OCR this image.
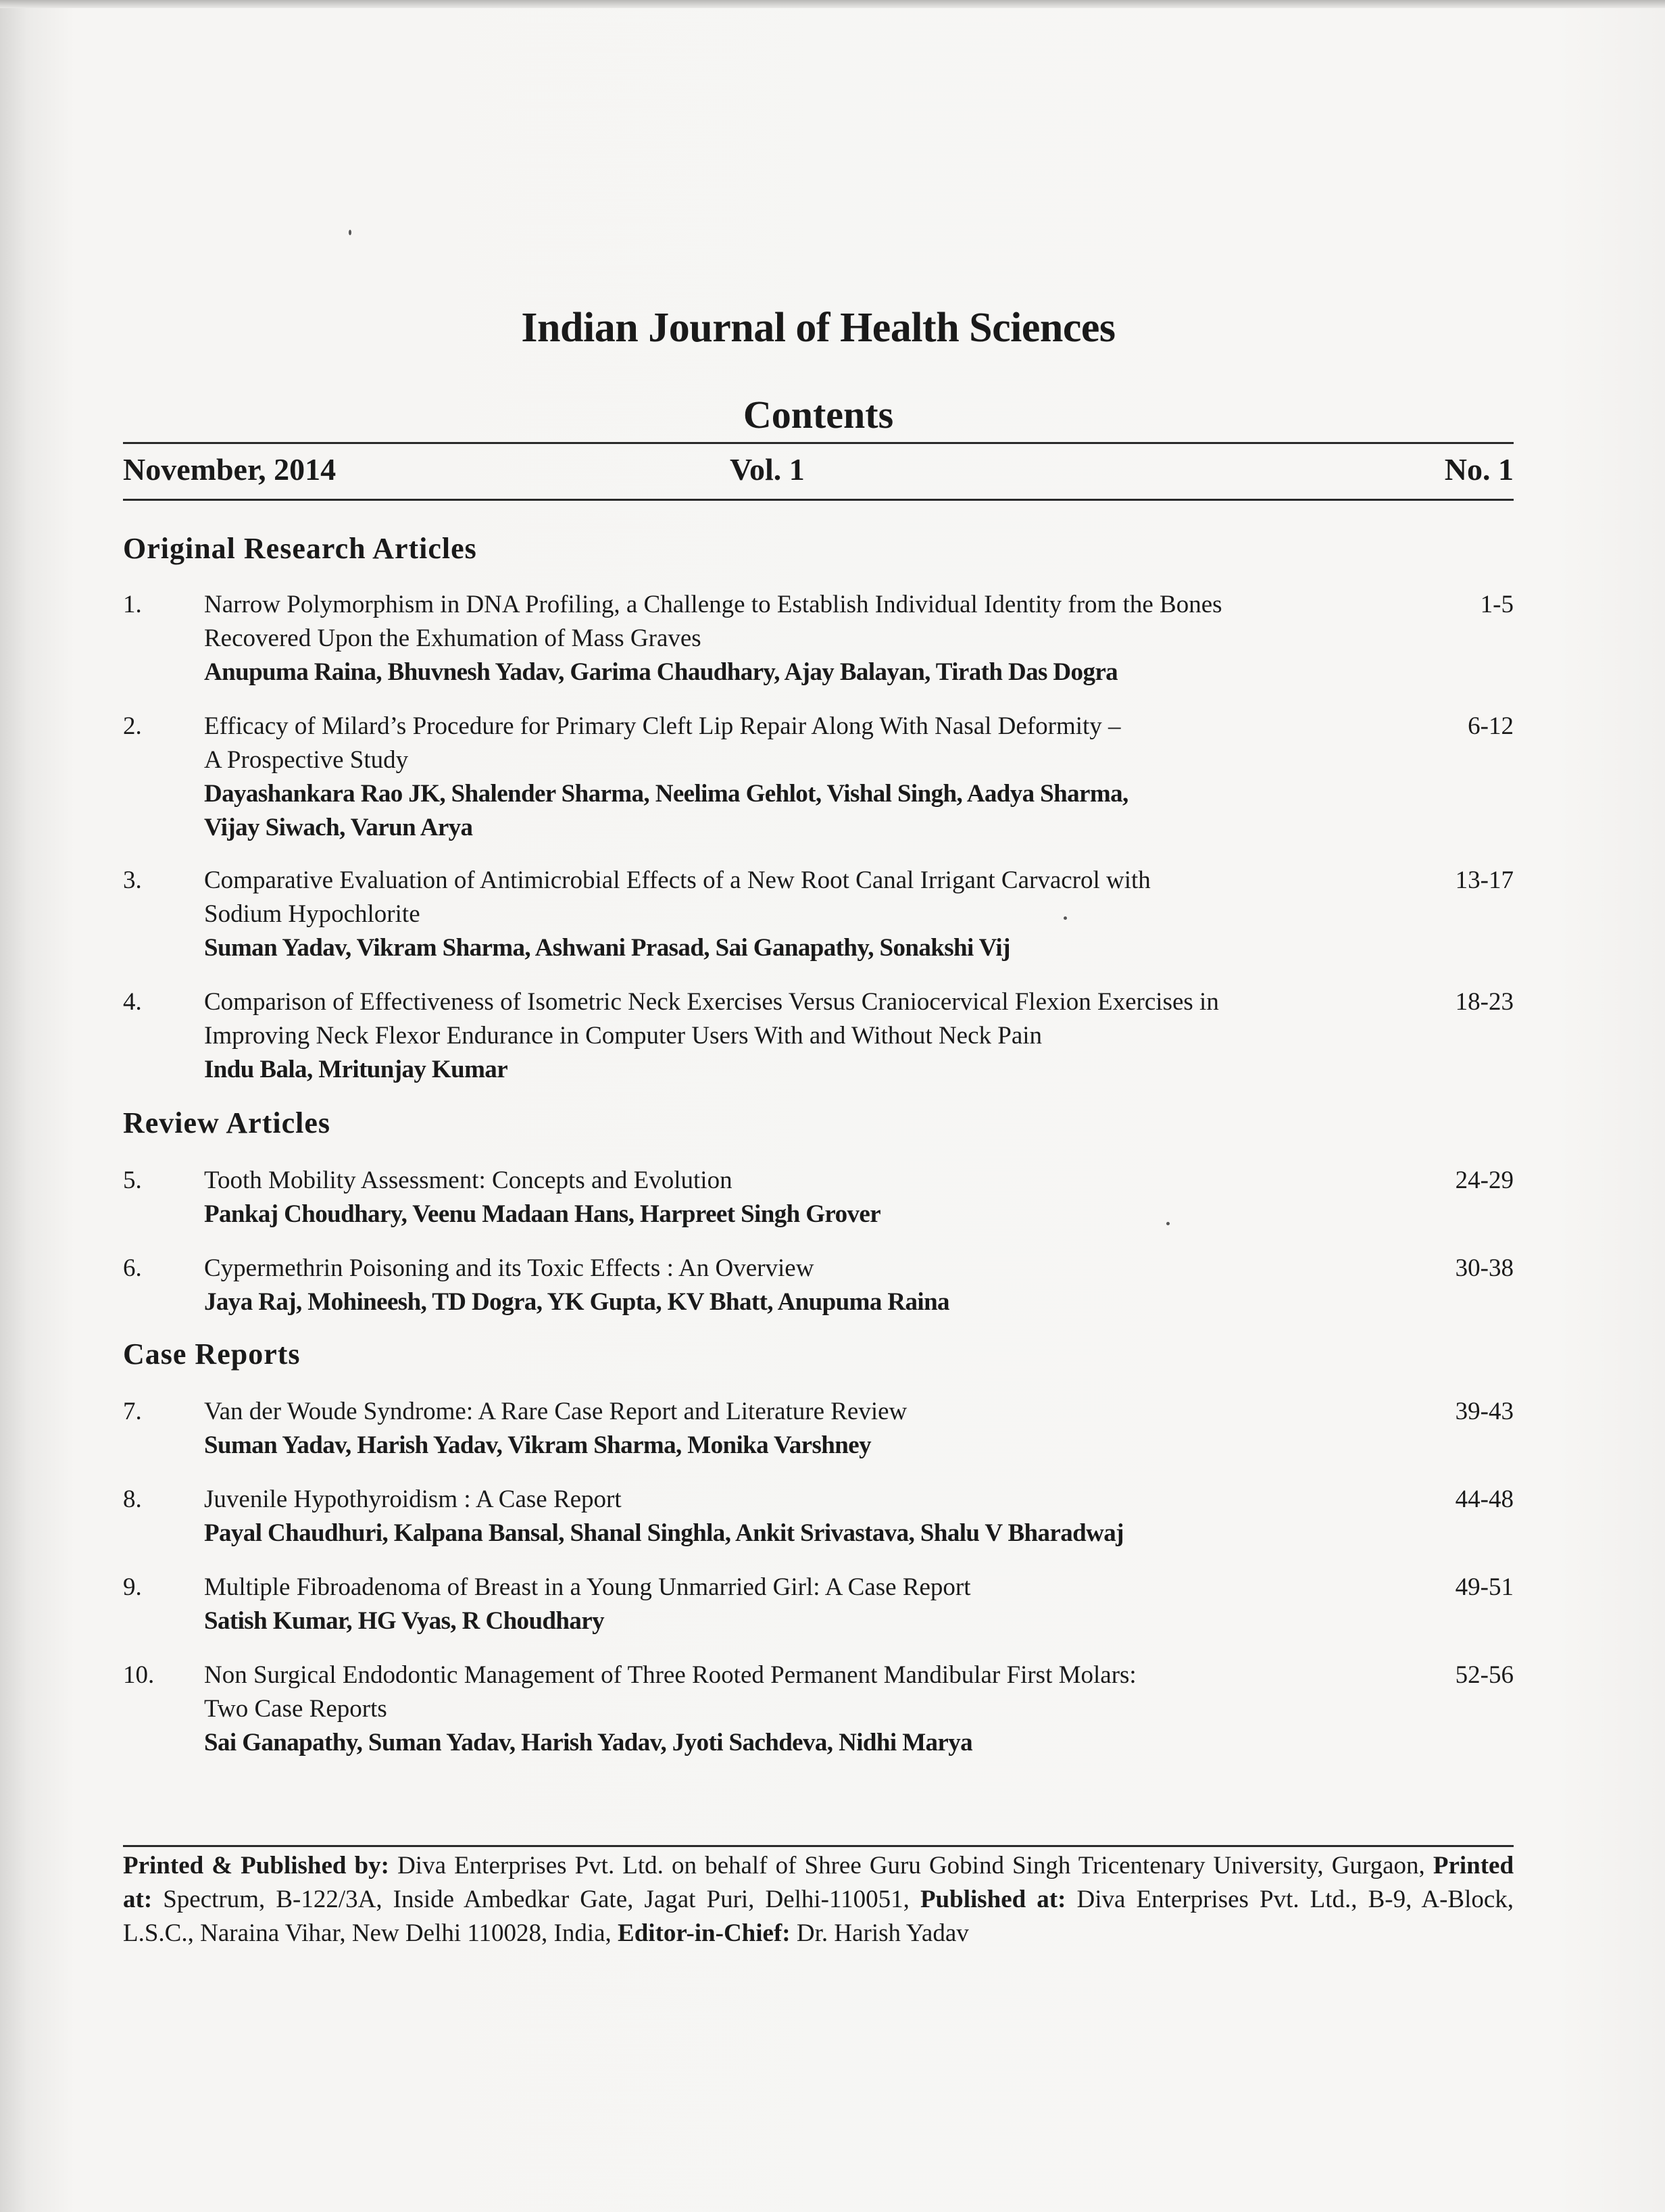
Indian Journal of Health Sciences
Contents
November, 2014	Vol. 1	No. 1
Original Research Articles
1. Narrow Polymorphism in DNA Profiling, a Challenge to Establish Individual Identity from the Bones
Recovered Upon the Exhumation of Mass Graves
Anupuma Raina, Bhuvnesh Yadav, Garima Chaudhary, Ajay Balayan, Tirath Das Dogra
1-5
2. Efficacy of Milard’s Procedure for Primary Cleft Lip Repair Along With Nasal Deformity –
A Prospective Study
Dayashankara Rao JK, Shalender Sharma, Neelima Gehlot, Vishal Singh, Aadya Sharma,
Vijay Siwach, Varun Arya
6-12
3. Comparative Evaluation of Antimicrobial Effects of a New Root Canal Irrigant Carvacrol with
Sodium Hypochlorite
Suman Yadav, Vikram Sharma, Ashwani Prasad, Sai Ganapathy, Sonakshi Vij
13-17
4. Comparison of Effectiveness of Isometric Neck Exercises Versus Craniocervical Flexion Exercises in
Improving Neck Flexor Endurance in Computer Users With and Without Neck Pain
Indu Bala, Mritunjay Kumar
18-23
Review Articles
5. Tooth Mobility Assessment: Concepts and Evolution
Pankaj Choudhary, Veenu Madaan Hans, Harpreet Singh Grover
24-29
6. Cypermethrin Poisoning and its Toxic Effects : An Overview
Jaya Raj, Mohineesh, TD Dogra, YK Gupta, KV Bhatt, Anupuma Raina
30-38
Case Reports
7. Van der Woude Syndrome: A Rare Case Report and Literature Review
Suman Yadav, Harish Yadav, Vikram Sharma, Monika Varshney
39-43
8. Juvenile Hypothyroidism : A Case Report
Payal Chaudhuri, Kalpana Bansal, Shanal Singhla, Ankit Srivastava, Shalu V Bharadwaj
44-48
9. Multiple Fibroadenoma of Breast in a Young Unmarried Girl: A Case Report
Satish Kumar, HG Vyas, R Choudhary
49-51
10. Non Surgical Endodontic Management of Three Rooted Permanent Mandibular First Molars:
Two Case Reports
Sai Ganapathy, Suman Yadav, Harish Yadav, Jyoti Sachdeva, Nidhi Marya
52-56
Printed & Published by: Diva Enterprises Pvt. Ltd. on behalf of Shree Guru Gobind Singh Tricentenary University, Gurgaon, Printed at: Spectrum, B-122/3A, Inside Ambedkar Gate, Jagat Puri, Delhi-110051, Published at: Diva Enterprises Pvt. Ltd., B-9, A-Block, L.S.C., Naraina Vihar, New Delhi 110028, India, Editor-in-Chief: Dr. Harish Yadav
